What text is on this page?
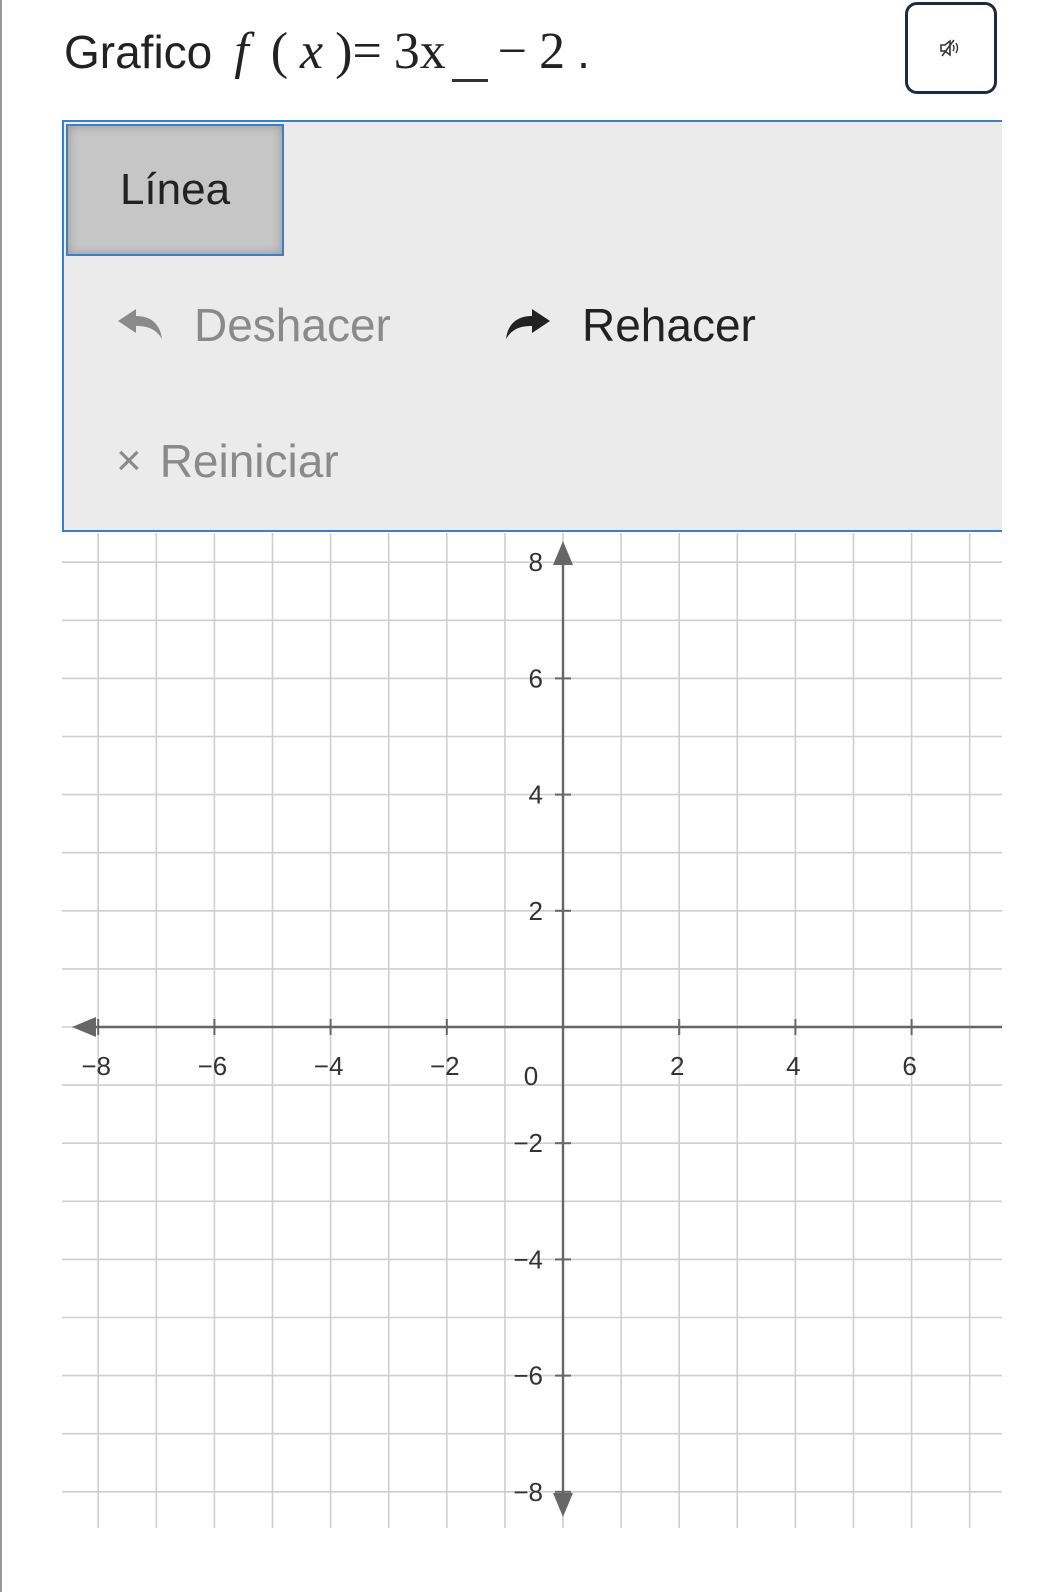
Grafico f ( x ) = 3x − 2 .
Línea
Deshacer	Rehacer
× Reiniciar
−8	−6	−4	−2 0	2	4	6
8
6
4
2
−2
−4
−6
−8
